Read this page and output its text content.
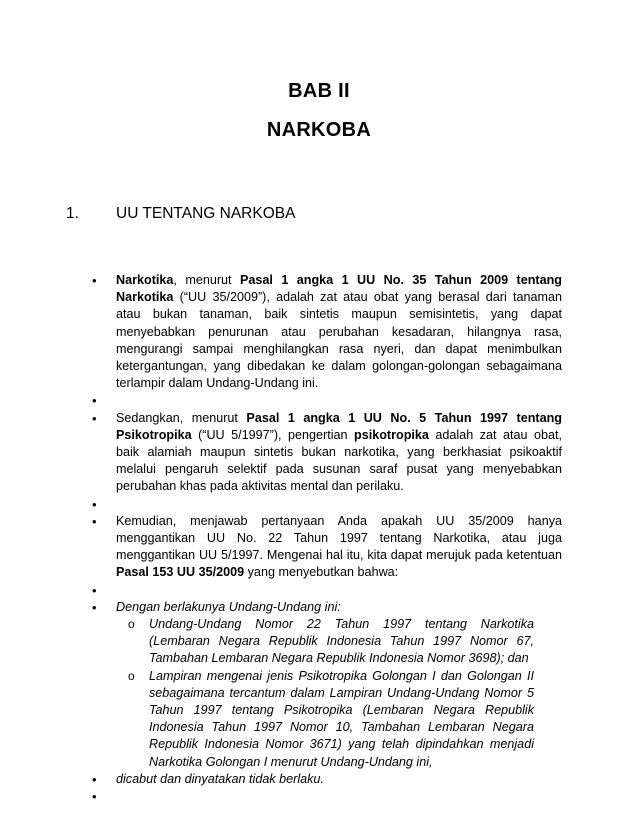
BAB II
NARKOBA
1. UU TENTANG NARKOBA
• Narkotika, menurut Pasal 1 angka 1 UU No. 35 Tahun 2009 tentang Narkotika (“UU 35/2009”), adalah zat atau obat yang berasal dari tanaman atau bukan tanaman, baik sintetis maupun semisintetis, yang dapat menyebabkan penurunan atau perubahan kesadaran, hilangnya rasa, mengurangi sampai menghilangkan rasa nyeri, dan dapat menimbulkan ketergantungan, yang dibedakan ke dalam golongan-golongan sebagaimana terlampir dalam Undang-Undang ini.
•
• Sedangkan, menurut Pasal 1 angka 1 UU No. 5 Tahun 1997 tentang Psikotropika (“UU 5/1997”), pengertian psikotropika adalah zat atau obat, baik alamiah maupun sintetis bukan narkotika, yang berkhasiat psikoaktif melalui pengaruh selektif pada susunan saraf pusat yang menyebabkan perubahan khas pada aktivitas mental dan perilaku.
•
• Kemudian, menjawab pertanyaan Anda apakah UU 35/2009 hanya menggantikan UU No. 22 Tahun 1997 tentang Narkotika, atau juga menggantikan UU 5/1997. Mengenai hal itu, kita dapat merujuk pada ketentuan Pasal 153 UU 35/2009 yang menyebutkan bahwa:
•
• Dengan berlakunya Undang-Undang ini:
o Undang-Undang Nomor 22 Tahun 1997 tentang Narkotika (Lembaran Negara Republik Indonesia Tahun 1997 Nomor 67, Tambahan Lembaran Negara Republik Indonesia Nomor 3698); dan
o Lampiran mengenai jenis Psikotropika Golongan I dan Golongan II sebagaimana tercantum dalam Lampiran Undang-Undang Nomor 5 Tahun 1997 tentang Psikotropika (Lembaran Negara Republik Indonesia Tahun 1997 Nomor 10, Tambahan Lembaran Negara Republik Indonesia Nomor 3671) yang telah dipindahkan menjadi Narkotika Golongan I menurut Undang-Undang ini,
• dicabut dan dinyatakan tidak berlaku.
•
